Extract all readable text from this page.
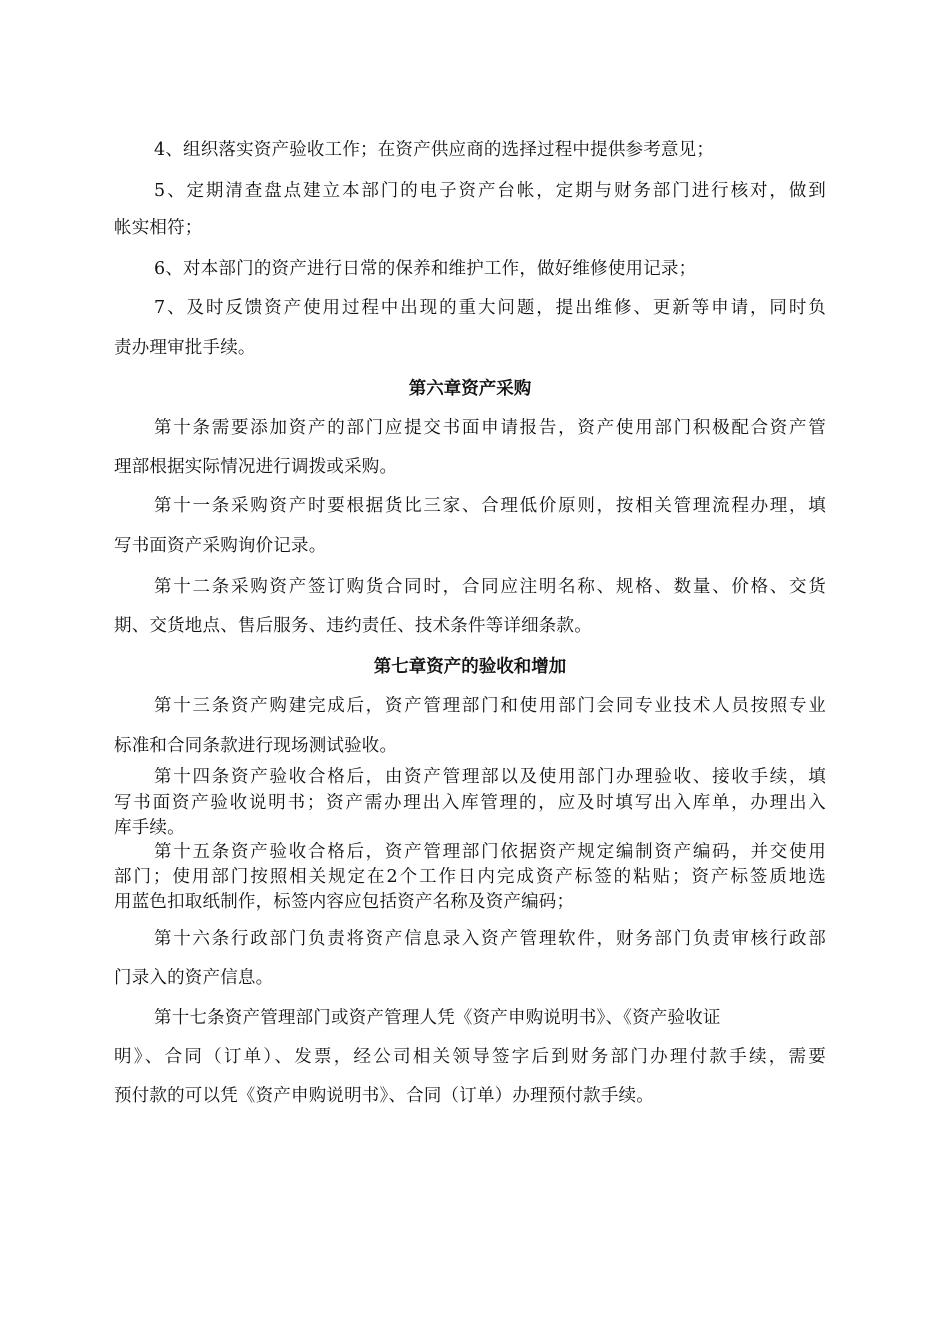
4、组织落实资产验收工作；在资产供应商的选择过程中提供参考意见；
5、定期清查盘点建立本部门的电子资产台帐，定期与财务部门进行核对，做到
帐实相符；
6、对本部门的资产进行日常的保养和维护工作，做好维修使用记录；
7、及时反馈资产使用过程中出现的重大问题，提出维修、更新等申请，同时负
责办理审批手续。
第六章资产采购
第十条需要添加资产的部门应提交书面申请报告，资产使用部门积极配合资产管
理部根据实际情况进行调拨或采购。
第十一条采购资产时要根据货比三家、合理低价原则，按相关管理流程办理，填
写书面资产采购询价记录。
第十二条采购资产签订购货合同时，合同应注明名称、规格、数量、价格、交货
期、交货地点、售后服务、违约责任、技术条件等详细条款。
第七章资产的验收和增加
第十三条资产购建完成后，资产管理部门和使用部门会同专业技术人员按照专业
标准和合同条款进行现场测试验收。
第十四条资产验收合格后，由资产管理部以及使用部门办理验收、接收手续，填
写书面资产验收说明书；资产需办理出入库管理的，应及时填写出入库单，办理出入
库手续。
第十五条资产验收合格后，资产管理部门依据资产规定编制资产编码，并交使用
部门；使用部门按照相关规定在2个工作日内完成资产标签的粘贴；资产标签质地选
用蓝色扣取纸制作，标签内容应包括资产名称及资产编码；
第十六条行政部门负责将资产信息录入资产管理软件，财务部门负责审核行政部
门录入的资产信息。
第十七条资产管理部门或资产管理人凭《资产申购说明书》、《资产验收证
明》、合同（订单）、发票，经公司相关领导签字后到财务部门办理付款手续，需要
预付款的可以凭《资产申购说明书》、合同（订单）办理预付款手续。
